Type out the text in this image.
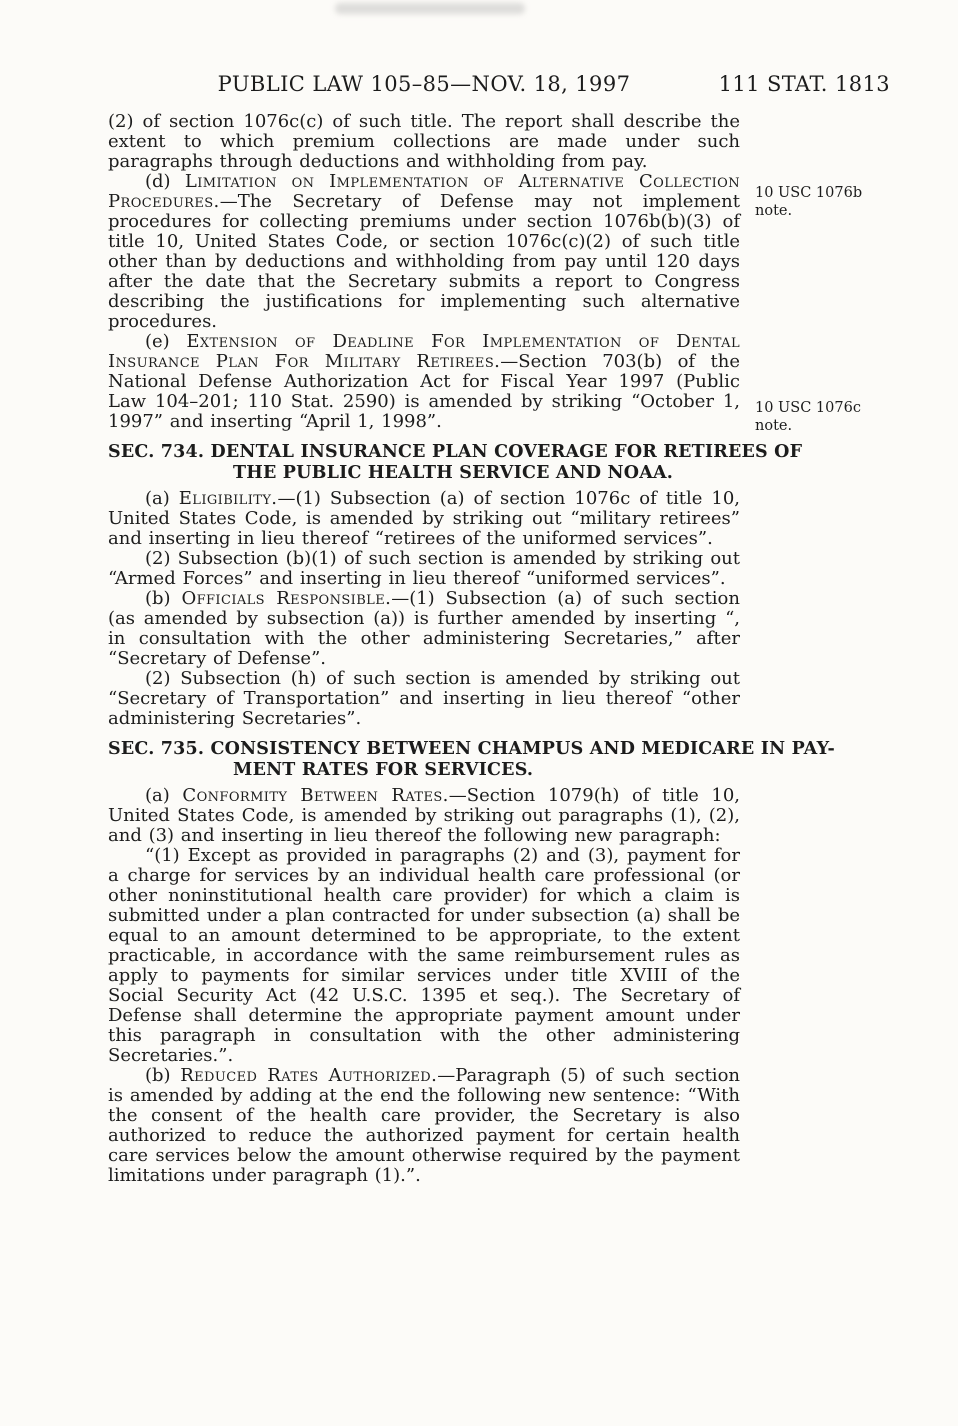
PUBLIC LAW 105–85—NOV. 18, 1997	111 STAT. 1813

(2) of section 1076c(c) of such title. The report shall describe the extent to which premium collections are made under such paragraphs through deductions and withholding from pay.

(d) Limitation on Implementation of Alternative Collection Procedures.—The Secretary of Defense may not implement procedures for collecting premiums under section 1076b(b)(3) of title 10, United States Code, or section 1076c(c)(2) of such title other than by deductions and withholding from pay until 120 days after the date that the Secretary submits a report to Congress describing the justifications for implementing such alternative procedures.

(e) Extension of Deadline For Implementation of Dental Insurance Plan For Military Retirees.—Section 703(b) of the National Defense Authorization Act for Fiscal Year 1997 (Public Law 104–201; 110 Stat. 2590) is amended by striking “October 1, 1997” and inserting “April 1, 1998”.

SEC. 734. DENTAL INSURANCE PLAN COVERAGE FOR RETIREES OF
THE PUBLIC HEALTH SERVICE AND NOAA.

(a) Eligibility.—(1) Subsection (a) of section 1076c of title 10, United States Code, is amended by striking out “military retirees” and inserting in lieu thereof “retirees of the uniformed services”.

(2) Subsection (b)(1) of such section is amended by striking out “Armed Forces” and inserting in lieu thereof “uniformed services”.

(b) Officials Responsible.—(1) Subsection (a) of such section (as amended by subsection (a)) is further amended by inserting “, in consultation with the other administering Secretaries,” after “Secretary of Defense”.

(2) Subsection (h) of such section is amended by striking out “Secretary of Transportation” and inserting in lieu thereof “other administering Secretaries”.

SEC. 735. CONSISTENCY BETWEEN CHAMPUS AND MEDICARE IN PAY-
MENT RATES FOR SERVICES.

(a) Conformity Between Rates.—Section 1079(h) of title 10, United States Code, is amended by striking out paragraphs (1), (2), and (3) and inserting in lieu thereof the following new paragraph:

“(1) Except as provided in paragraphs (2) and (3), payment for a charge for services by an individual health care professional (or other noninstitutional health care provider) for which a claim is submitted under a plan contracted for under subsection (a) shall be equal to an amount determined to be appropriate, to the extent practicable, in accordance with the same reimbursement rules as apply to payments for similar services under title XVIII of the Social Security Act (42 U.S.C. 1395 et seq.). The Secretary of Defense shall determine the appropriate payment amount under this paragraph in consultation with the other administering Secretaries.”.

(b) Reduced Rates Authorized.—Paragraph (5) of such section is amended by adding at the end the following new sentence: “With the consent of the health care provider, the Secretary is also authorized to reduce the authorized payment for certain health care services below the amount otherwise required by the payment limitations under paragraph (1).”.

10 USC 1076b
note.
10 USC 1076c
note.
